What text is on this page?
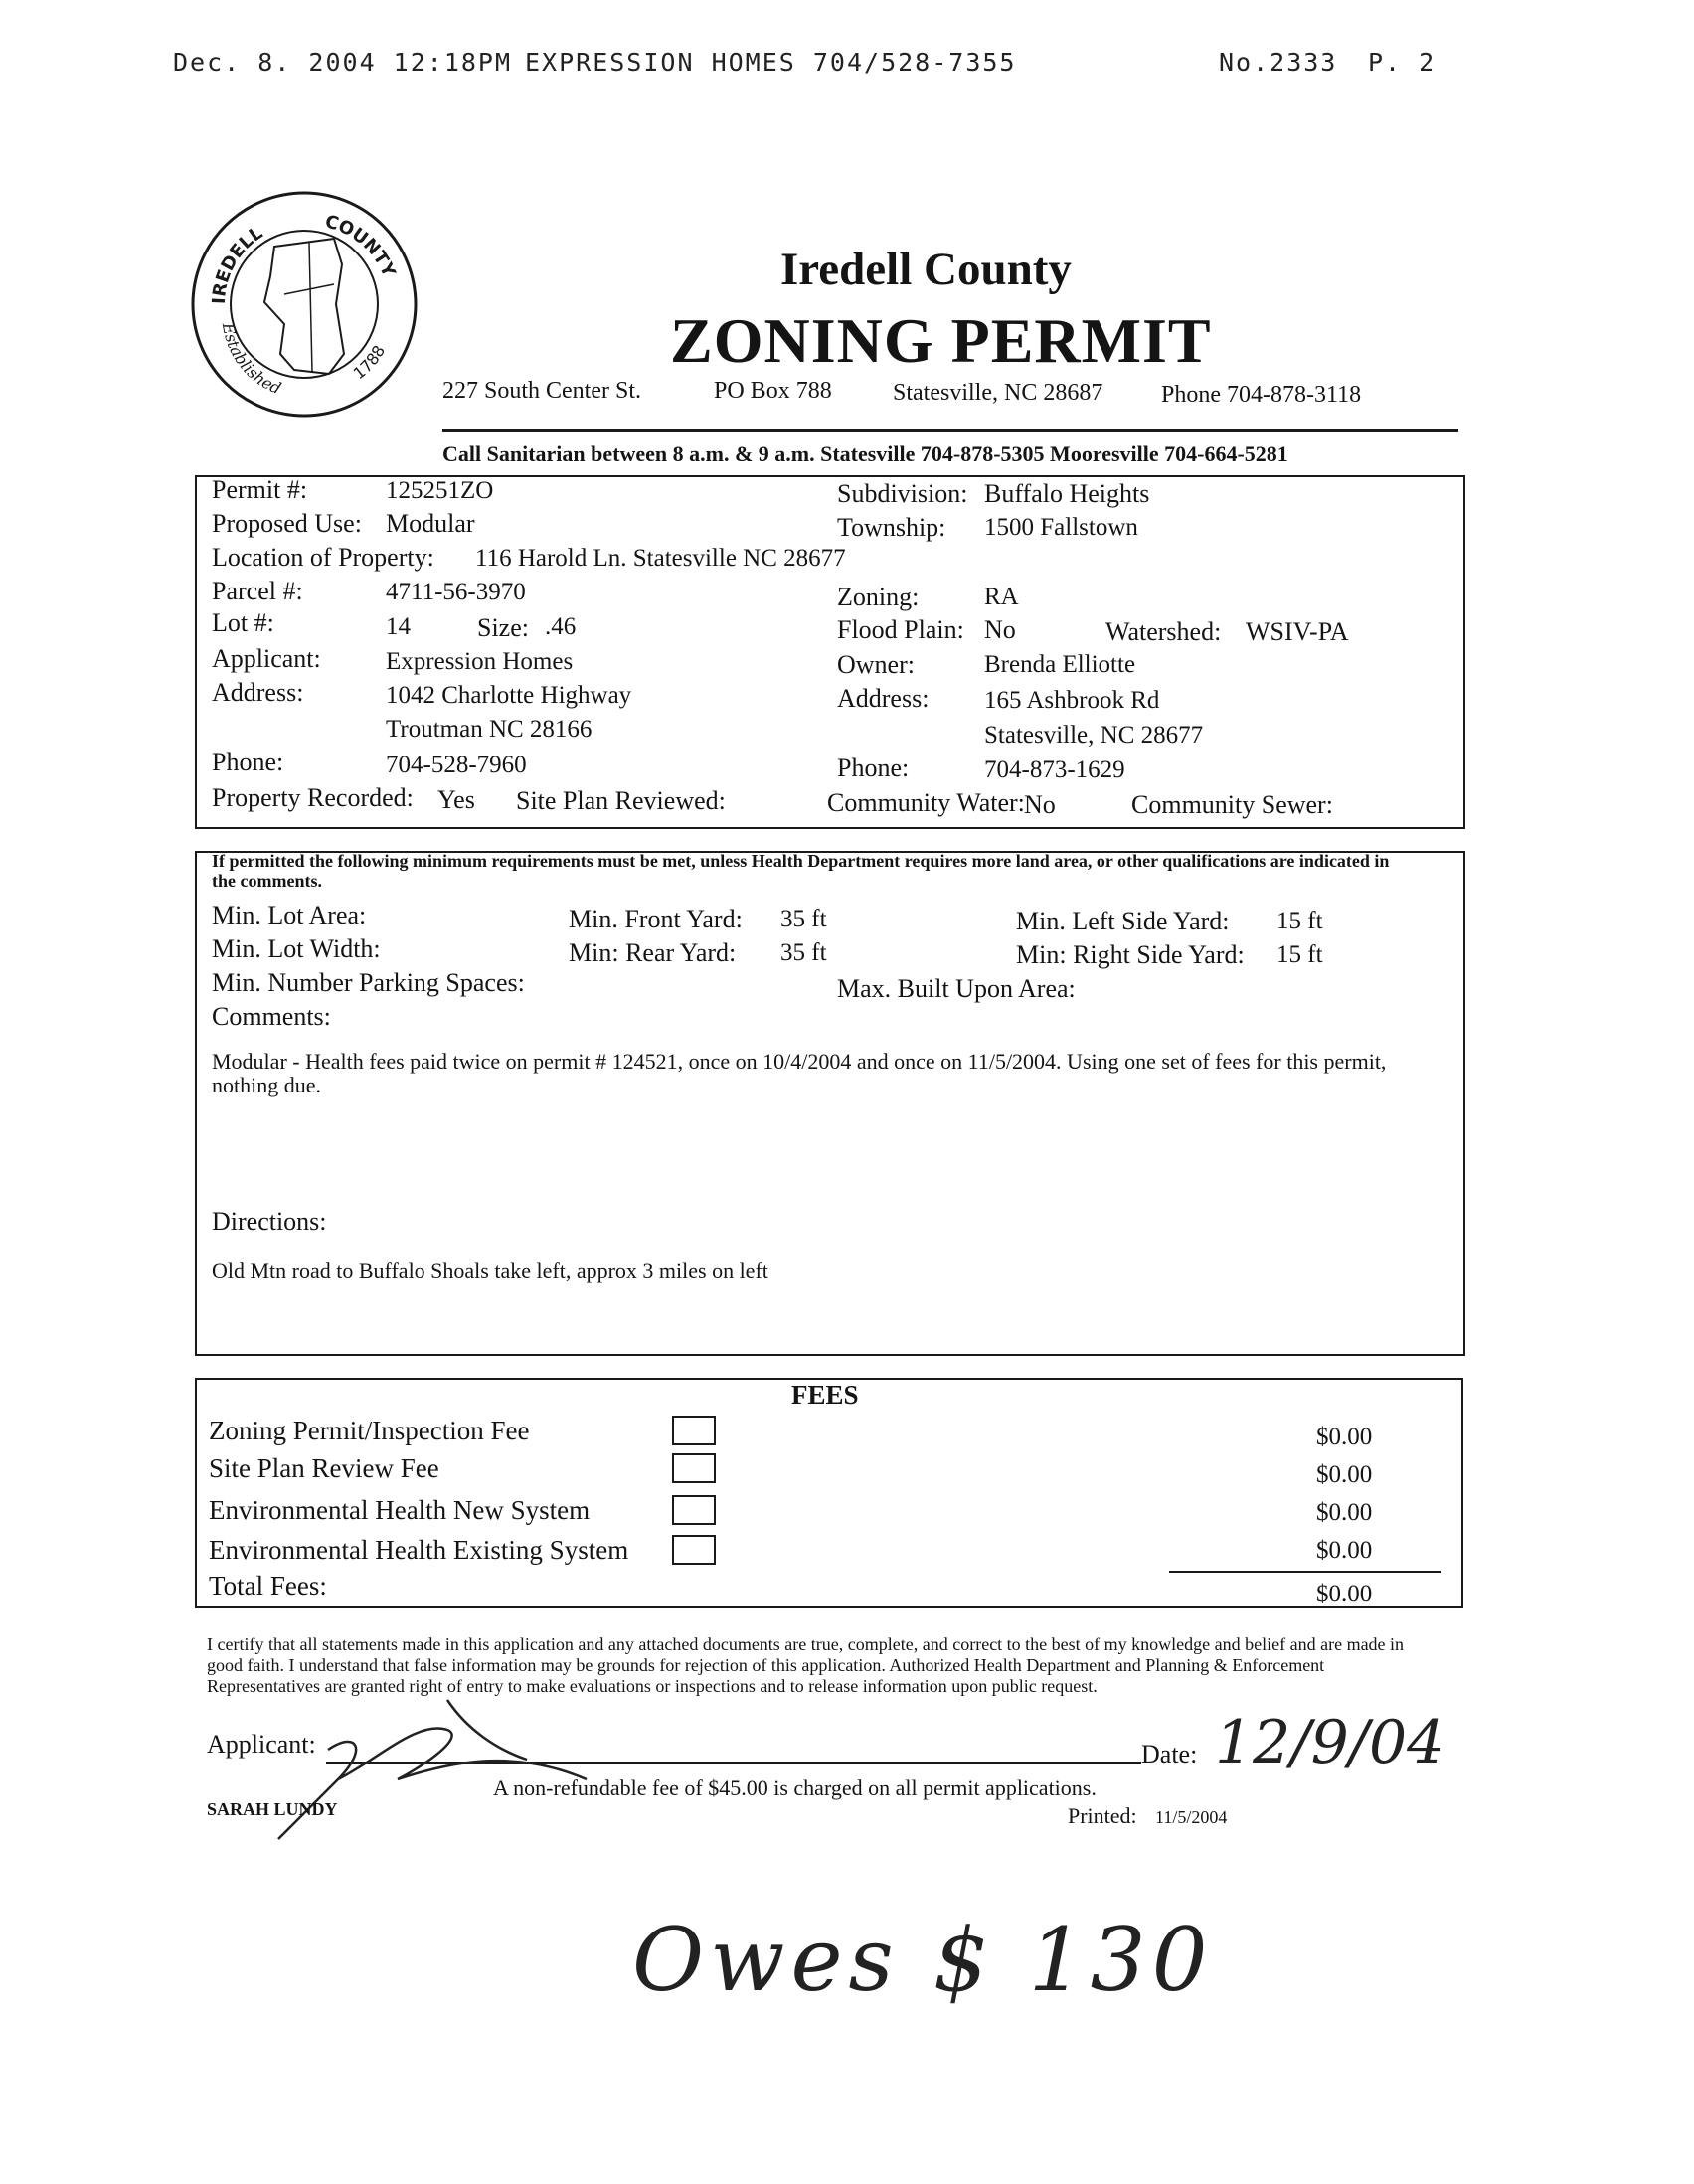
Dec. 8. 2004 12:18PM EXPRESSION HOMES 704/528-7355	No.2333 P. 2
IREDELL	COUNTY
Established
1788
Iredell County
ZONING PERMIT
227 South Center St.	PO Box 788	Statesville, NC 28687 Phone 704-878-3118
Call Sanitarian between 8 a.m. & 9 a.m. Statesville 704-878-5305 Mooresville 704-664-5281
Permit #:	125251ZO	Subdivision: Buffalo Heights
Proposed Use: Modular	Township: 1500 Fallstown
Location of Property: 116 Harold Ln. Statesville NC 28677
Parcel #:	4711-56-3970	Zoning:	RA
Lot #:	14	Size: .46	Flood Plain: No	Watershed: WSIV-PA
Applicant:	Expression Homes	Owner:	Brenda Elliotte
Address:	1042 Charlotte Highway	Address: 165 Ashbrook Rd
Troutman NC 28166	Statesville, NC 28677
Phone:	704-528-7960	Phone:	704-873-1629
Property Recorded: Yes Site Plan Reviewed:	Community Water: No	Community Sewer:
If permitted the following minimum requirements must be met, unless Health Department requires more land area, or other qualifications are indicated in the comments.
Min. Lot Area:	Min. Front Yard: 35 ft	Min. Left Side Yard: 15 ft
Min. Lot Width:	Min: Rear Yard: 35 ft	Min: Right Side Yard: 15 ft
Min. Number Parking Spaces:	Max. Built Upon Area:
Comments:
Modular - Health fees paid twice on permit # 124521, once on 10/4/2004 and once on 11/5/2004. Using one set of fees for this permit, nothing due.
Directions:
Old Mtn road to Buffalo Shoals take left, approx 3 miles on left
FEES
Zoning Permit/Inspection Fee	$0.00
Site Plan Review Fee	$0.00
Environmental Health New System	$0.00
Environmental Health Existing System	$0.00
Total Fees:	$0.00
I certify that all statements made in this application and any attached documents are true, complete, and correct to the best of my knowledge and belief and are made in good faith. I understand that false information may be grounds for rejection of this application. Authorized Health Department and Planning & Enforcement Representatives are granted right of entry to make evaluations or inspections and to release information upon public request.
Applicant:	Date: 12/9/04
A non-refundable fee of $45.00 is charged on all permit applications.
SARAH LUNDY	Printed: 11/5/2004
Owes $ 130
